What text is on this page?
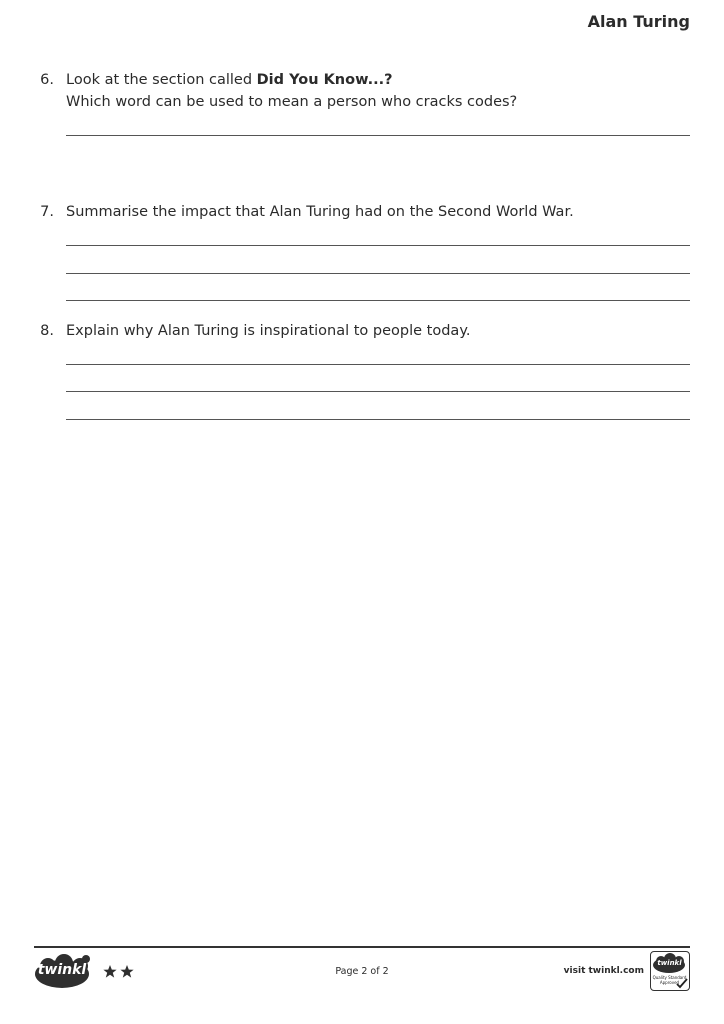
Alan Turing
6. Look at the section called Did You Know...?
Which word can be used to mean a person who cracks codes?
7. Summarise the impact that Alan Turing had on the Second World War.
8. Explain why Alan Turing is inspirational to people today.
twinkl	Page 2 of 2	visit twinkl.com
twinkl
Quality Standard
Approved
